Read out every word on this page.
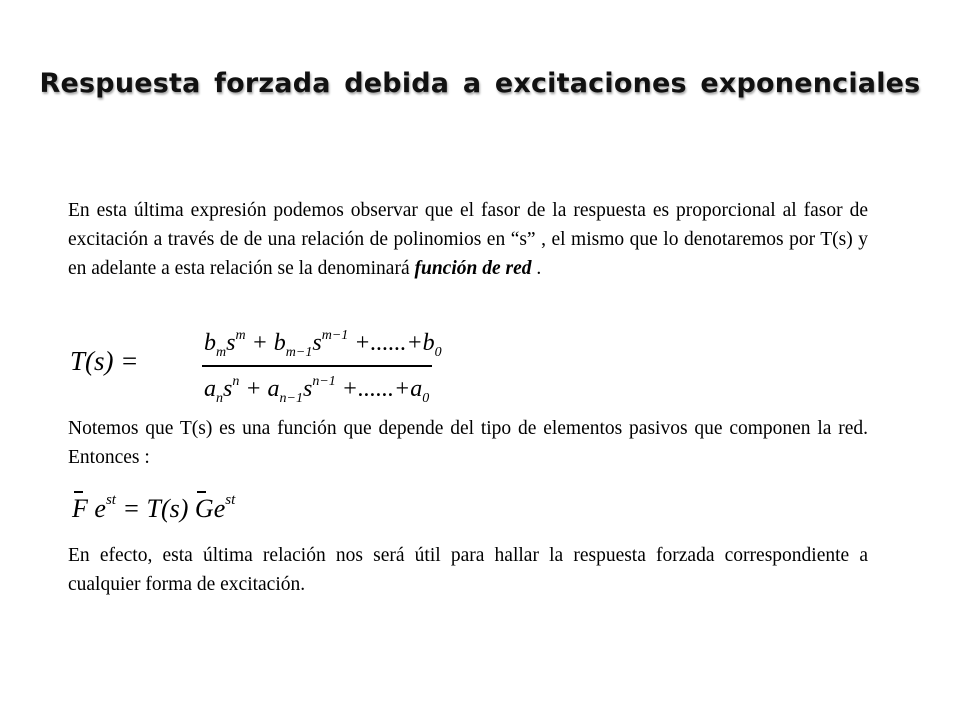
Respuesta forzada debida a excitaciones exponenciales
En esta última expresión podemos observar que el fasor de la respuesta es proporcional al fasor de excitación a través de de una relación de polinomios en “s” , el mismo que lo denotaremos por T(s) y en adelante a esta relación se la denominará función de red .
T(s) =
$b_ms^m + b_{m-1}s^{m-1} +......+b_0$
$a_ns^n + a_{n-1}s^{n-1} +......+a_0$
Notemos que T(s) es una función que depende del tipo de elementos pasivos que componen la red. Entonces :
F $e^{st} = T(s)$ $Ge^{st}$
En efecto, esta última relación nos será útil para hallar la respuesta forzada correspondiente a cualquier forma de excitación.
